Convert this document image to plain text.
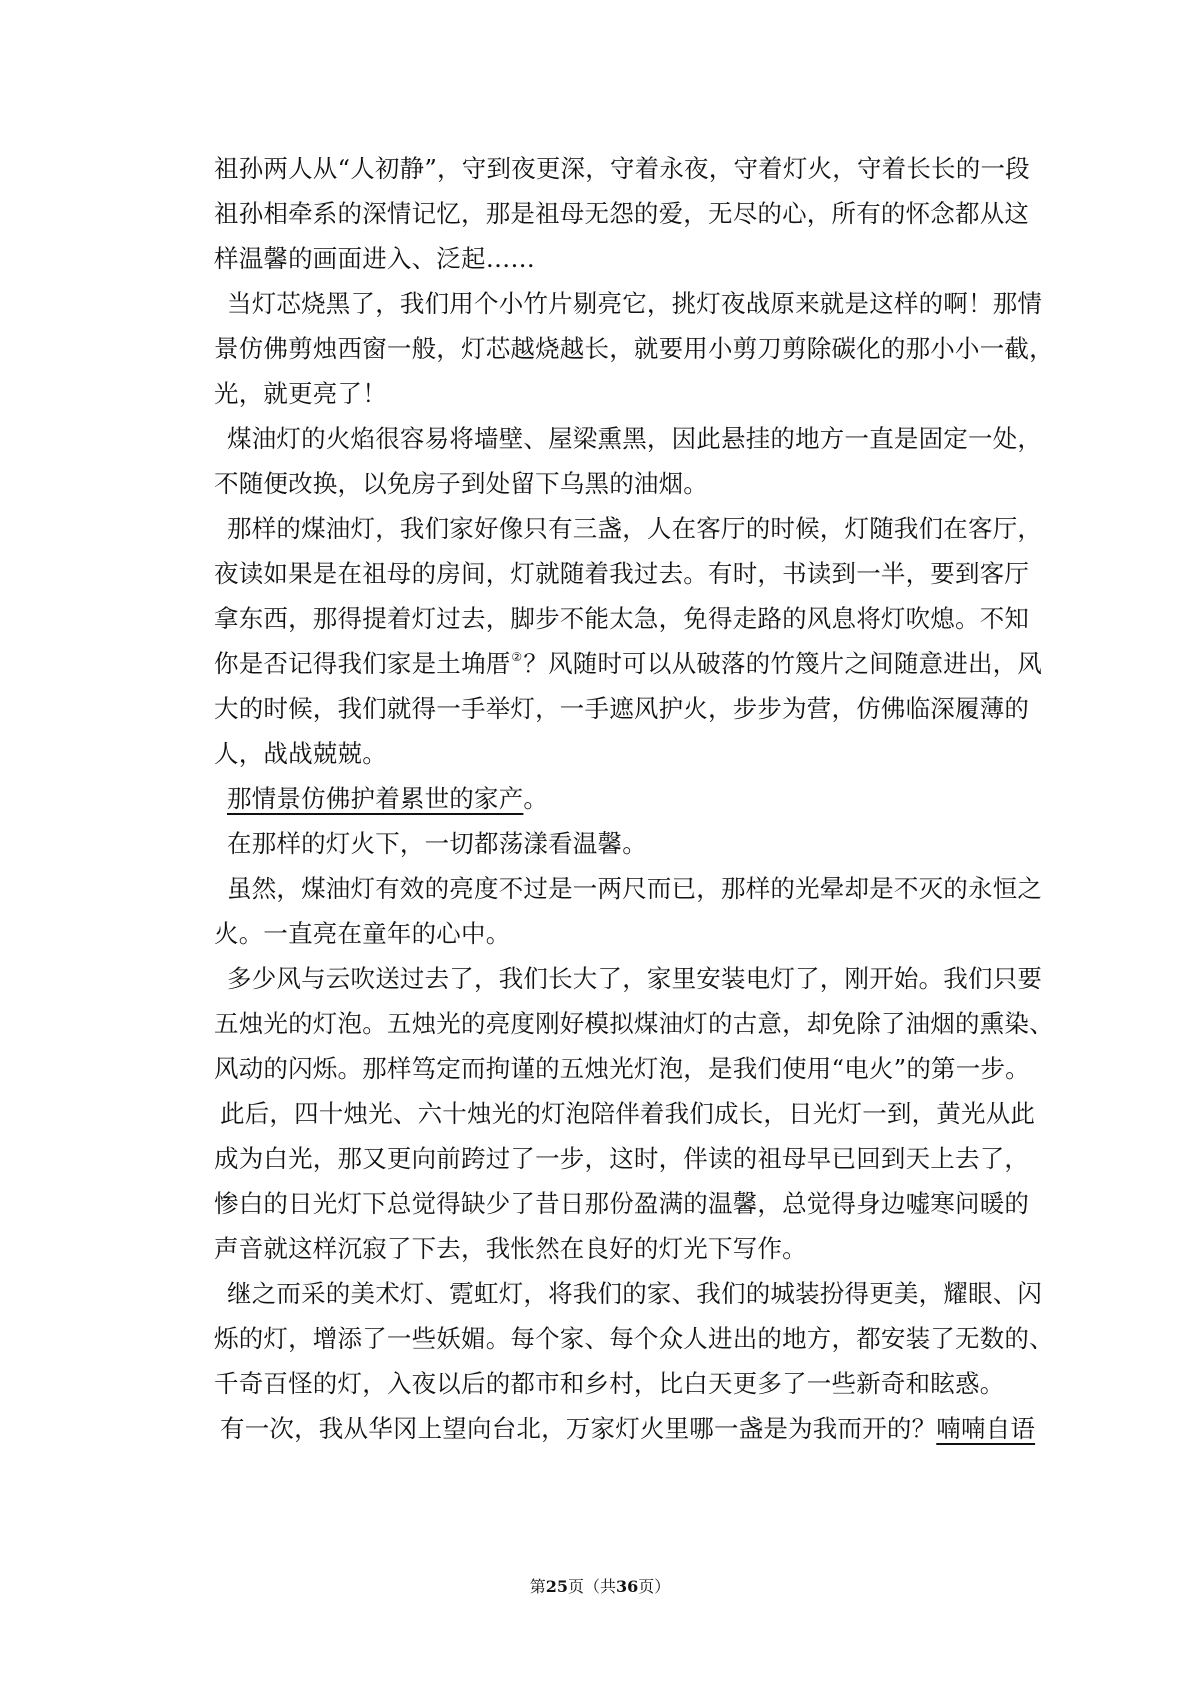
祖孙两人从“人初静”，守到夜更深，守着永夜，守着灯火，守着长长的一段
祖孙相牵系的深情记忆，那是祖母无怨的爱，无尽的心，所有的怀念都从这
样温馨的画面进入、泛起……
当灯芯烧黑了，我们用个小竹片剔亮它，挑灯夜战原来就是这样的啊！那情
景仿佛剪烛西窗一般，灯芯越烧越长，就要用小剪刀剪除碳化的那小小一截，
光，就更亮了！
煤油灯的火焰很容易将墙壁、屋梁熏黑，因此悬挂的地方一直是固定一处，
不随便改换，以免房子到处留下乌黑的油烟。
那样的煤油灯，我们家好像只有三盏，人在客厅的时候，灯随我们在客厅，
夜读如果是在祖母的房间，灯就随着我过去。有时，书读到一半，要到客厅
拿东西，那得提着灯过去，脚步不能太急，免得走路的风息将灯吹熄。不知
你是否记得我们家是土埆厝②？风随时可以从破落的竹篾片之间随意进出，风
大的时候，我们就得一手举灯，一手遮风护火，步步为营，仿佛临深履薄的
人，战战兢兢。
那情景仿佛护着累世的家产。
在那样的灯火下，一切都荡漾看温馨。
虽然，煤油灯有效的亮度不过是一两尺而已，那样的光晕却是不灭的永恒之
火。一直亮在童年的心中。
多少风与云吹送过去了，我们长大了，家里安装电灯了，刚开始。我们只要
五烛光的灯泡。五烛光的亮度刚好模拟煤油灯的古意，却免除了油烟的熏染、
风动的闪烁。那样笃定而拘谨的五烛光灯泡，是我们使用“电火”的第一步。
此后，四十烛光、六十烛光的灯泡陪伴着我们成长，日光灯一到，黄光从此
成为白光，那又更向前跨过了一步，这时，伴读的祖母早已回到天上去了，
惨白的日光灯下总觉得缺少了昔日那份盈满的温馨，总觉得身边嘘寒问暖的
声音就这样沉寂了下去，我怅然在良好的灯光下写作。
继之而采的美术灯、霓虹灯，将我们的家、我们的城装扮得更美，耀眼、闪
烁的灯，增添了一些妖媚。每个家、每个众人进出的地方，都安装了无数的、
千奇百怪的灯，入夜以后的都市和乡村，比白天更多了一些新奇和眩惑。
有一次，我从华冈上望向台北，万家灯火里哪一盏是为我而开的？喃喃自语
第25页（共36页）
